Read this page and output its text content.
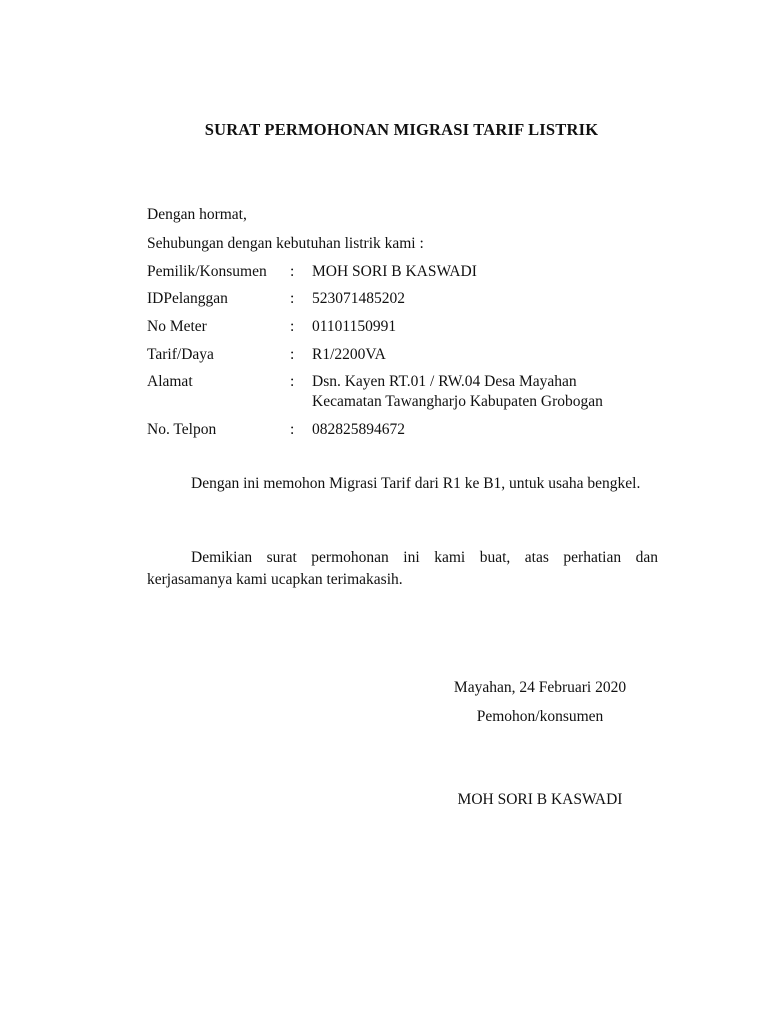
SURAT PERMOHONAN MIGRASI TARIF LISTRIK
Dengan hormat,
Sehubungan dengan kebutuhan listrik kami :
Pemilik/Konsumen	:	MOH SORI B KASWADI
IDPelanggan	:	523071485202
No Meter	:	01101150991
Tarif/Daya	:	R1/2200VA
Alamat	:	Dsn. Kayen RT.01 / RW.04 Desa Mayahan
Kecamatan Tawangharjo Kabupaten Grobogan
No. Telpon	:	082825894672
Dengan ini memohon Migrasi Tarif dari R1 ke B1, untuk usaha bengkel.
Demikian surat permohonan ini kami buat, atas perhatian dan kerjasamanya kami ucapkan terimakasih.
Mayahan, 24 Februari 2020
Pemohon/konsumen
MOH SORI B KASWADI
